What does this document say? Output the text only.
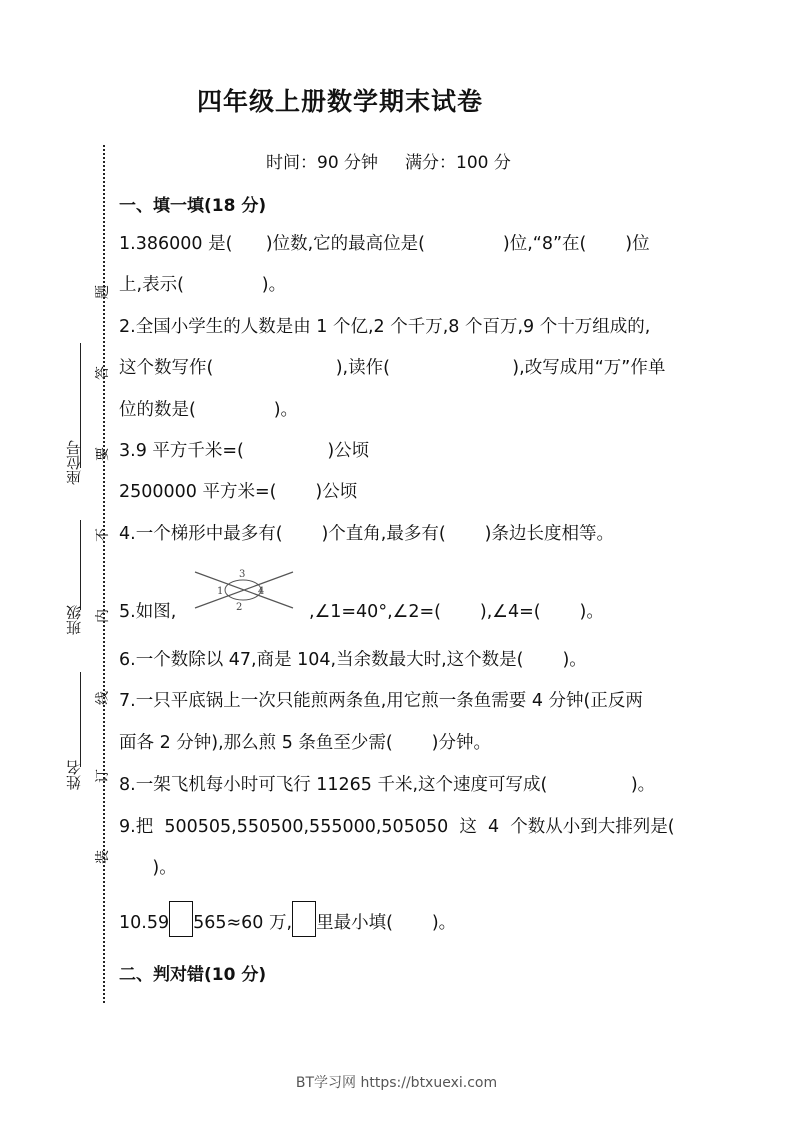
四年级上册数学期末试卷
时间：90 分钟     满分：100 分
座位号
班级
姓名
题
答
要
不
内
线
订
装
一、填一填(18 分)
1.386000 是(      )位数,它的最高位是(              )位,“8”在(       )位
上,表示(              )。
2.全国小学生的人数是由 1 个亿,2 个千万,8 个百万,9 个十万组成的,
这个数写作(                      ),读作(                      ),改写成用“万”作单
位的数是(              )。
3.9 平方千米=(               )公顷
2500000 平方米=(       )公顷
4.一个梯形中最多有(       )个直角,最多有(       )条边长度相等。
5.如图,
3
1
2
4
,∠1=40°,∠2=(       ),∠4=(       )。
6.一个数除以 47,商是 104,当余数最大时,这个数是(       )。
7.一只平底锅上一次只能煎两条鱼,用它煎一条鱼需要 4 分钟(正反两
面各 2 分钟),那么煎 5 条鱼至少需(       )分钟。
8.一架飞机每小时可飞行 11265 千米,这个速度可写成(               )。
9.把  500505,550500,555000,505050  这  4  个数从小到大排列是(
)。
10.59 565≈60 万, 里最小填(       )。
二、判对错(10 分)
BT学习网 https://btxuexi.com
